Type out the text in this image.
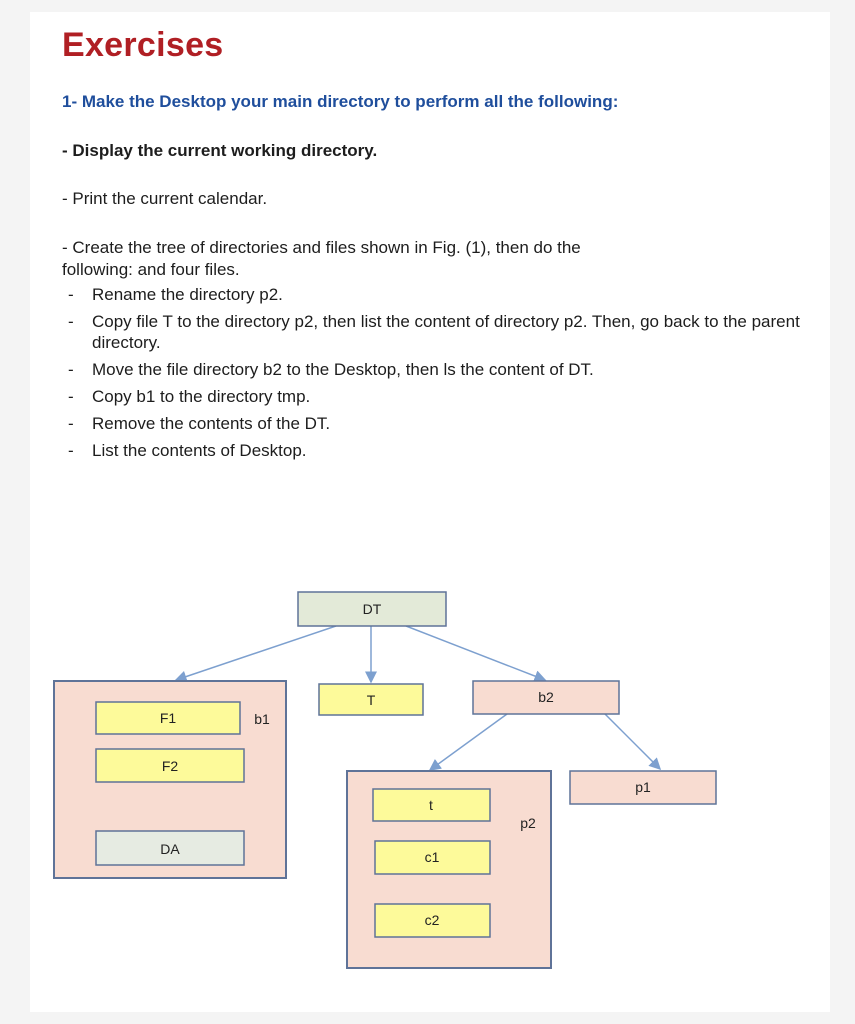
Exercises
1- Make the Desktop your main directory to perform all the following:
- Display the current working directory.
- Print the current calendar.
- Create the tree of directories and files shown in Fig. (1), then do the
following: and four files.
- Rename the directory p2.
- Copy file T to the directory p2, then list the content of directory p2. Then, go back to the parent directory.
- Move the file directory b2 to the Desktop, then ls the content of DT.
- Copy b1 to the directory tmp.
- Remove the contents of the DT.
- List the contents of Desktop.
DT
b1
F1
F2
DA
T	b2
p2
t
c1
c2
p1
